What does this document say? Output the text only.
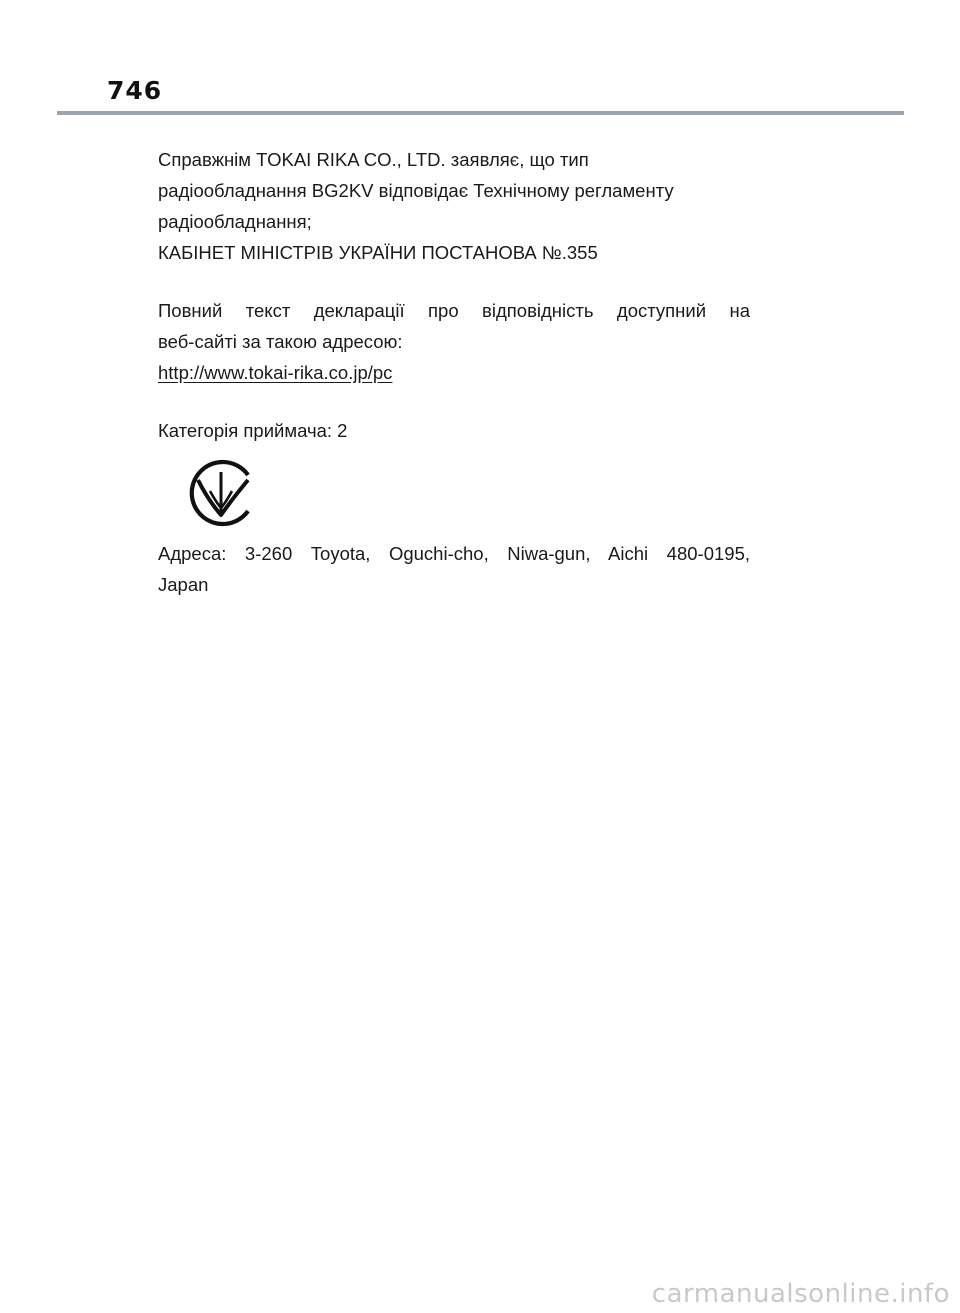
746

Справжнім TOKAI RIKA CO., LTD. заявляє, що тип

радіообладнання BG2KV відповідає Технічному регламенту

радіообладнання;

КАБІНЕТ МІНІСТРІВ УКРАЇНИ ПОСТАНОВА №.355

Повний текст декларації про відповідність доступний на

веб-сайті за такою адресою:

http://www.tokai-rika.co.jp/pc

Категорія приймача: 2

Адреса: 3-260 Toyota, Oguchi-cho, Niwa-gun, Aichi 480-0195,

Japan

carmanualsonline.info
